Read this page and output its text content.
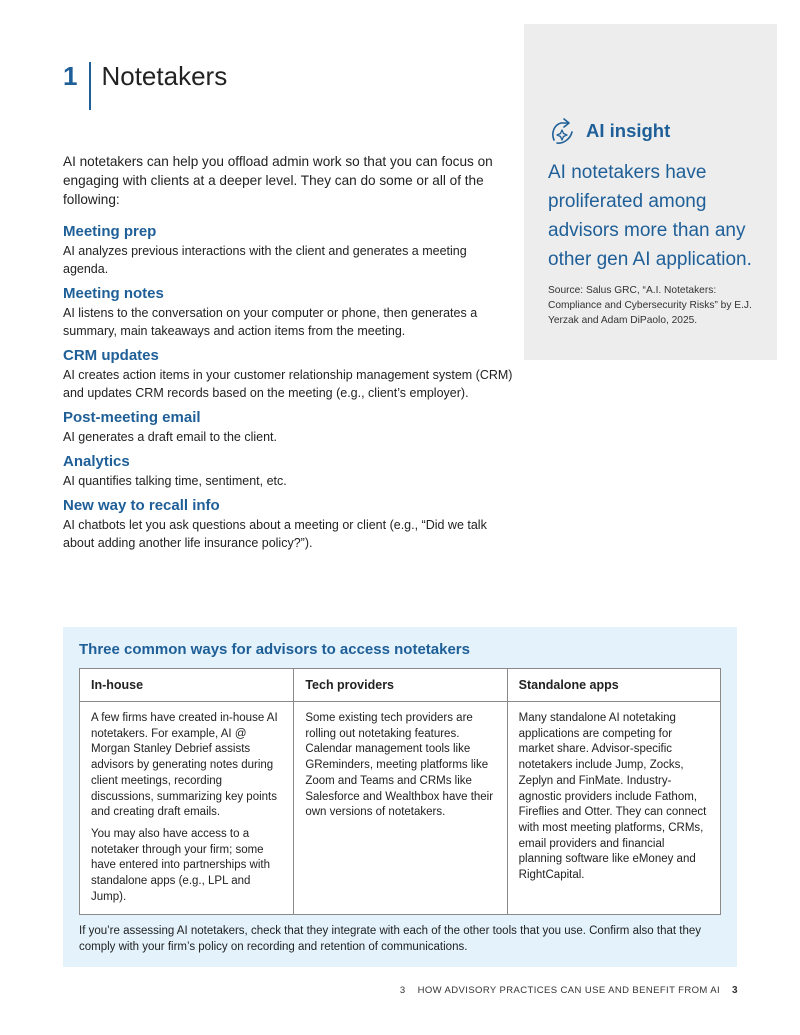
1 Notetakers

AI notetakers can help you offload admin work so that you can focus on engaging with clients at a deeper level. They can do some or all of the following:

Meeting prep
AI analyzes previous interactions with the client and generates a meeting agenda.
Meeting notes
AI listens to the conversation on your computer or phone, then generates a summary, main takeaways and action items from the meeting.
CRM updates
AI creates action items in your customer relationship management system (CRM) and updates CRM records based on the meeting (e.g., client’s employer).
Post-meeting email
AI generates a draft email to the client.
Analytics
AI quantifies talking time, sentiment, etc.
New way to recall info
AI chatbots let you ask questions about a meeting or client (e.g., “Did we talk about adding another life insurance policy?”).
AI insight

AI notetakers have proliferated among advisors more than any other gen AI application.

Source: Salus GRC, “A.I. Notetakers: Compliance and Cybersecurity Risks” by E.J. Yerzak and Adam DiPaolo, 2025.

Three common ways for advisors to access notetakers
In-house	Tech providers	Standalone apps

A few firms have created in-house AI notetakers. For example, AI @ Morgan Stanley Debrief assists advisors by generating notes during client meetings, recording discussions, summarizing key points and creating draft emails.

You may also have access to a notetaker through your firm; some have entered into partnerships with standalone apps (e.g., LPL and Jump).

Some existing tech providers are rolling out notetaking features. Calendar management tools like GReminders, meeting platforms like Zoom and Teams and CRMs like Salesforce and Wealthbox have their own versions of notetakers.

Many standalone AI notetaking applications are competing for market share. Advisor-specific notetakers include Jump, Zocks, Zeplyn and FinMate. Industry-agnostic providers include Fathom, Fireflies and Otter. They can connect with most meeting platforms, CRMs, email providers and financial planning software like eMoney and RightCapital.

If you’re assessing AI notetakers, check that they integrate with each of the other tools that you use. Confirm also that they comply with your firm’s policy on recording and retention of communications.

3 HOW ADVISORY PRACTICES CAN USE AND BENEFIT FROM AI 3
